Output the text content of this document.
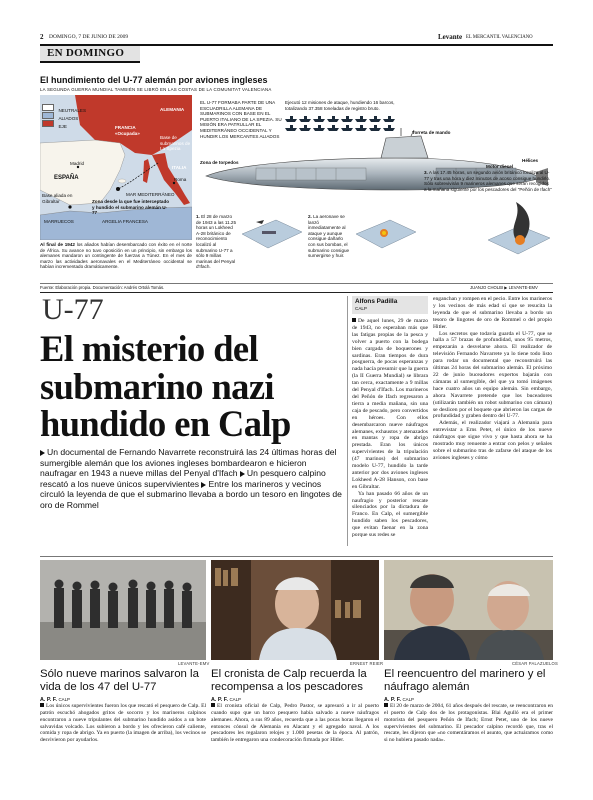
2 DOMINGO, 7 DE JUNIO DE 2009	Levante EL MERCANTIL VALENCIANO
EN DOMINGO
El hundimiento del U-77 alemán por aviones ingleses
LA SEGUNDA GUERRA MUNDIAL TAMBIÉN SE LIBRÓ EN LAS COSTAS DE LA COMUNITAT VALENCIANA
NEUTRALES
ALIADOS
EJE
ALEMANIA
FRANCIA «Ocupada»
Base de submarinos de La Spezia
Madrid
ESPAÑA
ITALIA
Roma
MAR MEDITERRÁNEO
Base aliada en Gibraltar	Zona desde la que fue interceptado y hundido el submarino alemán U-77
MARRUECOS	ARGELIA FRANCESA
Al final de 1942 los aliados habían desembarcado con éxito en el norte de África. Su avance no tuvo oposición en un principio, sin embargo los alemanes mandaron un contingente de fuerzas a Túnez. En el mes de marzo las actividades aeronavales en el Mediterráneo occidental se habían incrementado dramáticamente.
EL U-77 FORMABA PARTE DE UNA ESCUADRILLA ALEMANA DE SUBMARINOS CON BASE EN EL PUERTO ITALIANO DE LA SPEZIA. SU MISIÓN ERA PATRULLAR EL MEDITERRÁNEO OCCIDENTAL Y HUNDIR LOS MERCANTES ALIADOS
Ejecutó 12 misiones de ataque, hundiendo 16 barcos, totalizando 37.358 toneladas de registro bruto.
Zona de torpedos
Torreta de mando
Motor diesel
Hélices
1. El 28 de marzo de 1943 a las 11.25 horas un Lokheed A-28 británico de reconocimiento localizó al submarino U-77 a sólo 9 millas marinas del Penyal d'Ifach.
2. La aeronave se lanzó inmediatamente al ataque y aunque consigue dañarlo con sus bombas, el submarino consigue sumergirse y huir.
3. A las 17.45 horas, un segundo avión británico localiza al U-77 y tras una hora y diez minutos de acoso consigue hundirlo. Sólo sobrevivirán 9 marineros alemanes que serán recogidos a la mañana siguiente por los pescadores del "Peñón de Ifach"
Fuente: Elaboración propia. Documentación: Andrés Ortolá Tomás.	JUANJO CHOLBI ▶ LEVANTE-EMV
U-77
El misterio del
submarino nazi
hundido en Calp
Un documental de Fernando Navarrete reconstruirá las 24 últimas horas del sumergible alemán que los aviones ingleses bombardearon e hicieron naufragar en 1943 a nueve millas del Penyal d'Ifach Un pesquero calpino rescató a los nueve únicos supervivientes Entre los marineros y vecinos circuló la leyenda de que el submarino llevaba a bordo un tesoro en lingotes de oro de Rommel
Alfons Padilla
CALP

De aquel lunes, 29 de marzo de 1943, no esperaban más que las fatigas propias de la pesca y volver a puerto con la bodega bien cargada de boquerones y sardinas. Eran tiempos de dura posguerra, de pocas esperanzas y nada hacía presumir que la guerra (la II Guerra Mundial) se librara tan cerca, exactamente a 9 millas del Penyal d'Ifach. Los marineros del Peñón de Ifach regresaron a tierra a media mañana, sin una caja de pescado, pero convertidos en héroes. Con ellos desembarcaron nueve náufragos alemanes, exhaustos y atenazados en mantas y ropa de abrigo prestada. Eran los únicos supervivientes de la tripulación (47 marinos) del submarino modelo U-77, hundido la tarde anterior por dos aviones ingleses Lokheed A-28 Hanson, con base en Gibraltar.

Ya han pasado 66 años de un naufragio y posterior rescate silenciados por la dictadura de Franco. En Calp, el sumergible hundido saben los pescadores, que evitan faenar en la zona porque sus redes se

enganchan y rompen en el pecio. Entre los marineros y los vecinos de más edad sí que se resucita la leyenda de que el submarino llevaba a bordo un tesoro de lingotes de oro de Rommel o del propio Hitler.

Los secretos que todavía guarda el U-77, que se halla a 57 brazas de profundidad, unos 95 metros, empezarán a desvelarse ahora. El realizador de televisión Fernando Navarrete ya lo tiene todo listo para rodar un documental que reconstruirá las últimas 24 horas del submarino alemán. El próximo 22 de junio buceadores expertos bajarán con cámaras al sumergible, del que ya tomó imágenes hace cuatro años un equipo alemán. Sin embargo, ahora Navarrete pretende que los buceadores (utilizarán también un robot submarino con cámara) se deslicen por el boquete que abrieron las cargas de profundidad y graben dentro del U-77.

Además, el realizador viajará a Alemania para entrevistar a Erns Petet, el único de los nueve náufragos que sigue vivo y que hasta ahora se ha mostrado muy renuente a entrar con pelos y señales sobre el submarino tras de zafarse del ataque de los aviones ingleses y cómo

LEVANTE-EMV	ERNEST REIER	CÉSAR PALAZUELOS
Sólo nueve marinos salvaron la vida de los 47 del U-77
A. P. F. CALP
Los únicos supervivientes fueron los que rescató el pesquero de Calp. El patrón escuchó ahogados gritos de socorro y los marineros calpinos encontraron a nueve tripulantes del submarino hundido asidos a un bote salvavidas volcado. Los subieron a bordo y les ofrecieron café caliente, comida y ropa de abrigo. Ya en puerto (la imagen de arriba), los vecinos se desvivieron por ayudarlos.
El cronista de Calp recuerda la recompensa a los pescadores
A. P. F. CALP
El cronista oficial de Calp, Pedro Pastor, se apresuró a ir al puerto cuando supo que un barco pesquero había salvado a nueve náufragos alemanes. Ahora, a sus 89 años, recuerda que a las pocas horas llegaron el entonces cónsul de Alemania en Alacant y el agregado naval. A los pescadores les regalaron relojes y 1.000 pesetas de la época. Al patrón, también le entregaron una condecoración firmada por Hitler.
El reencuentro del marinero y el náufrago alemán
A. P. F. CALP
El 20 de marzo de 2004, 61 años después del rescate, se reencontraron en el puerto de Calp dos de los protagonistas. Blai Agulló era el primer motorista del pesquero Peñón de Ifach; Ernst Petet, uno de los nueve supervivientes del submarino. El pescador calpino recordó que, tras el rescate, les dijeron que «no comentáramos el asunto, que actuáramos como si no hubiera pasado nada».
